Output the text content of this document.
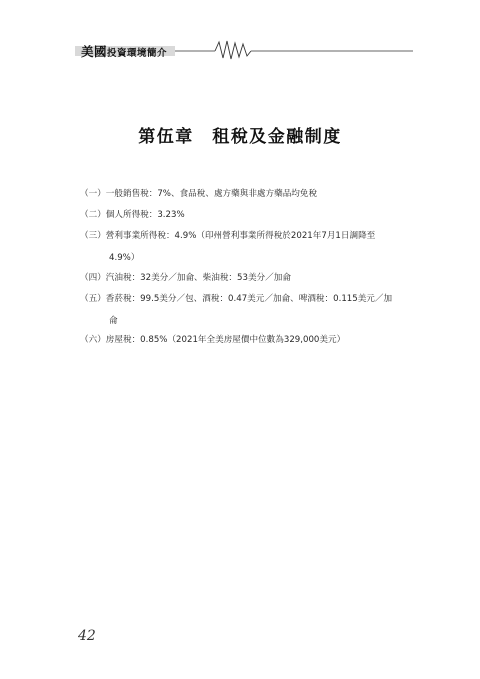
美國投資環境簡介
第伍章　租稅及金融制度
（一）一般銷售稅：7%、食品稅、處方藥與非處方藥品均免稅
（二）個人所得稅：3.23%
（三）營利事業所得稅：4.9%（印州營利事業所得稅於2021年7月1日調降至
4.9%）
（四）汽油稅：32美分／加侖、柴油稅：53美分／加侖
（五）香菸稅：99.5美分／包、酒稅：0.47美元／加侖、啤酒稅：0.115美元／加
侖
（六）房屋稅：0.85%（2021年全美房屋價中位數為329,000美元）
42
